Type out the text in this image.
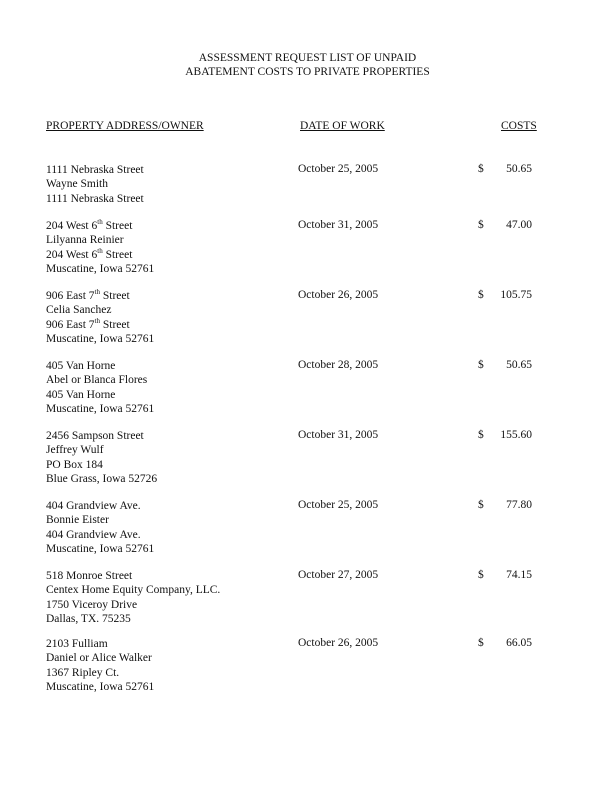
ASSESSMENT REQUEST LIST OF UNPAID
ABATEMENT COSTS TO PRIVATE PROPERTIES
PROPERTY ADDRESS/OWNER	DATE OF WORK	COSTS
1111 Nebraska Street
Wayne Smith
1111 Nebraska Street
October 25, 2005	$ 50.65
204 West 6th Street
Lilyanna Reinier
204 West 6th Street
Muscatine, Iowa 52761
October 31, 2005	$ 47.00
906 East 7th Street
Celia Sanchez
906 East 7th Street
Muscatine, Iowa 52761
October 26, 2005	$ 105.75
405 Van Horne
Abel or Blanca Flores
405 Van Horne
Muscatine, Iowa 52761
October 28, 2005	$ 50.65
2456 Sampson Street
Jeffrey Wulf
PO Box 184
Blue Grass, Iowa 52726
October 31, 2005	$ 155.60
404 Grandview Ave.
Bonnie Eister
404 Grandview Ave.
Muscatine, Iowa 52761
October 25, 2005	$ 77.80
518 Monroe Street
Centex Home Equity Company, LLC.
1750 Viceroy Drive
Dallas, TX. 75235
October 27, 2005	$ 74.15
2103 Fulliam
Daniel or Alice Walker
1367 Ripley Ct.
Muscatine, Iowa 52761
October 26, 2005	$ 66.05
